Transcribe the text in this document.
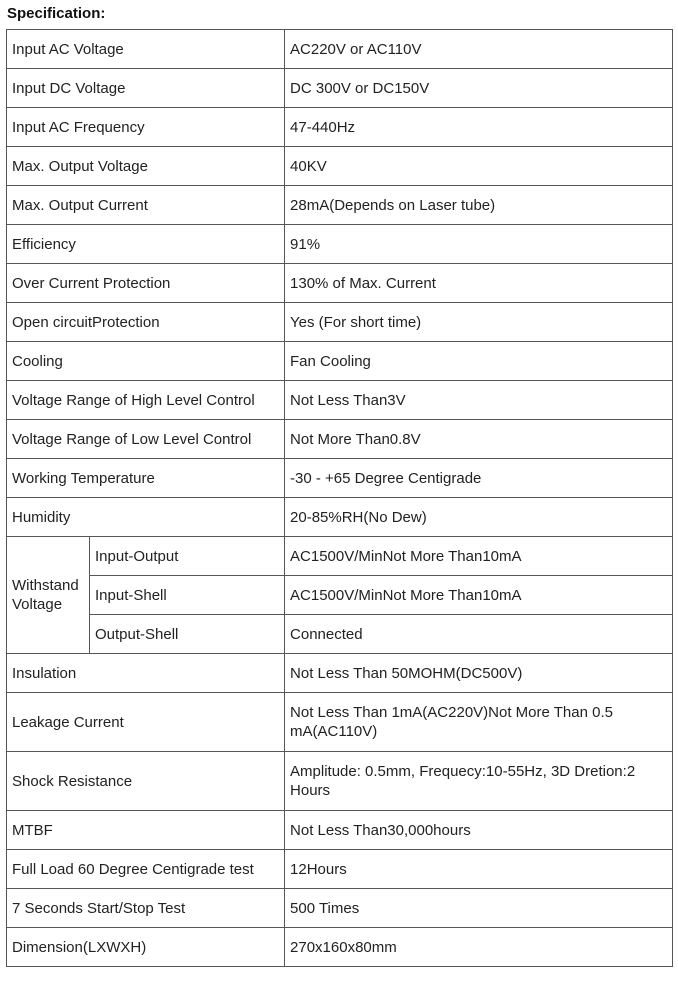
Specification:
Input AC Voltage		AC220V or AC110V
Input DC Voltage		DC 300V or DC150V
Input AC Frequency		47-440Hz
Max. Output Voltage		40KV
Max. Output Current		28mA(Depends on Laser tube)
Efficiency		91%
Over Current Protection		130% of Max. Current
Open circuitProtection		Yes (For short time)
Cooling		Fan Cooling
Voltage Range of High Level Control		Not Less Than3V
Voltage Range of Low Level Control		Not More Than0.8V
Working Temperature		-30 - +65 Degree Centigrade
Humidity		20-85%RH(No Dew)
Withstand Voltage	Input-Output	AC1500V/MinNot More Than10mA
	Input-Shell	AC1500V/MinNot More Than10mA
	Output-Shell	Connected
Insulation		Not Less Than 50MOHM(DC500V)
Leakage Current		Not Less Than 1mA(AC220V)Not More Than 0.5 mA(AC110V)
Shock Resistance		Amplitude: 0.5mm, Frequecy:10-55Hz, 3D Dretion:2 Hours
MTBF		Not Less Than30,000hours
Full Load 60 Degree Centigrade test		12Hours
7 Seconds Start/Stop Test		500 Times
Dimension(LXWXH)		270x160x80mm
